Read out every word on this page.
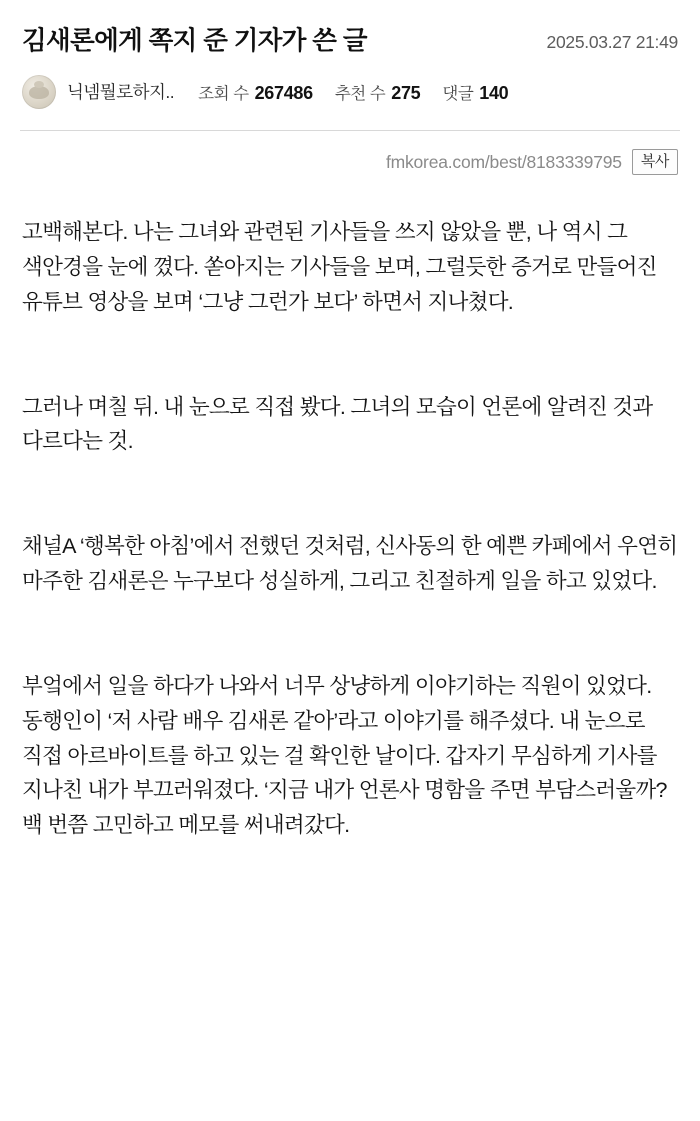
김새론에게 쪽지 준 기자가 쓴 글	2025.03.27 21:49
닉넴뭘로하지.. 조회 수 267486 추천 수 275 댓글 140
fmkorea.com/best/8183339795	복사

고백해본다. 나는 그녀와 관련된 기사들을 쓰지 않았을 뿐, 나 역시 그 색안경을 눈에 꼈다. 쏟아지는 기사들을 보며, 그럴듯한 증거로 만들어진 유튜브 영상을 보며 ‘그냥 그런가 보다’ 하면서 지나쳤다.

그러나 며칠 뒤. 내 눈으로 직접 봤다. 그녀의 모습이 언론에 알려진 것과 다르다는 것.

채널A ‘행복한 아침’에서 전했던 것처럼, 신사동의 한 예쁜 카페에서 우연히 마주한 김새론은 누구보다 성실하게, 그리고 친절하게 일을 하고 있었다.

부엌에서 일을 하다가 나와서 너무 상냥하게 이야기하는 직원이 있었다. 동행인이 ‘저 사람 배우 김새론 같아’라고 이야기를 해주셨다. 내 눈으로 직접 아르바이트를 하고 있는 걸 확인한 날이다. 갑자기 무심하게 기사를 지나친 내가 부끄러워졌다. ‘지금 내가 언론사 명함을 주면 부담스러울까? 백 번쯤 고민하고 메모를 써내려갔다.
